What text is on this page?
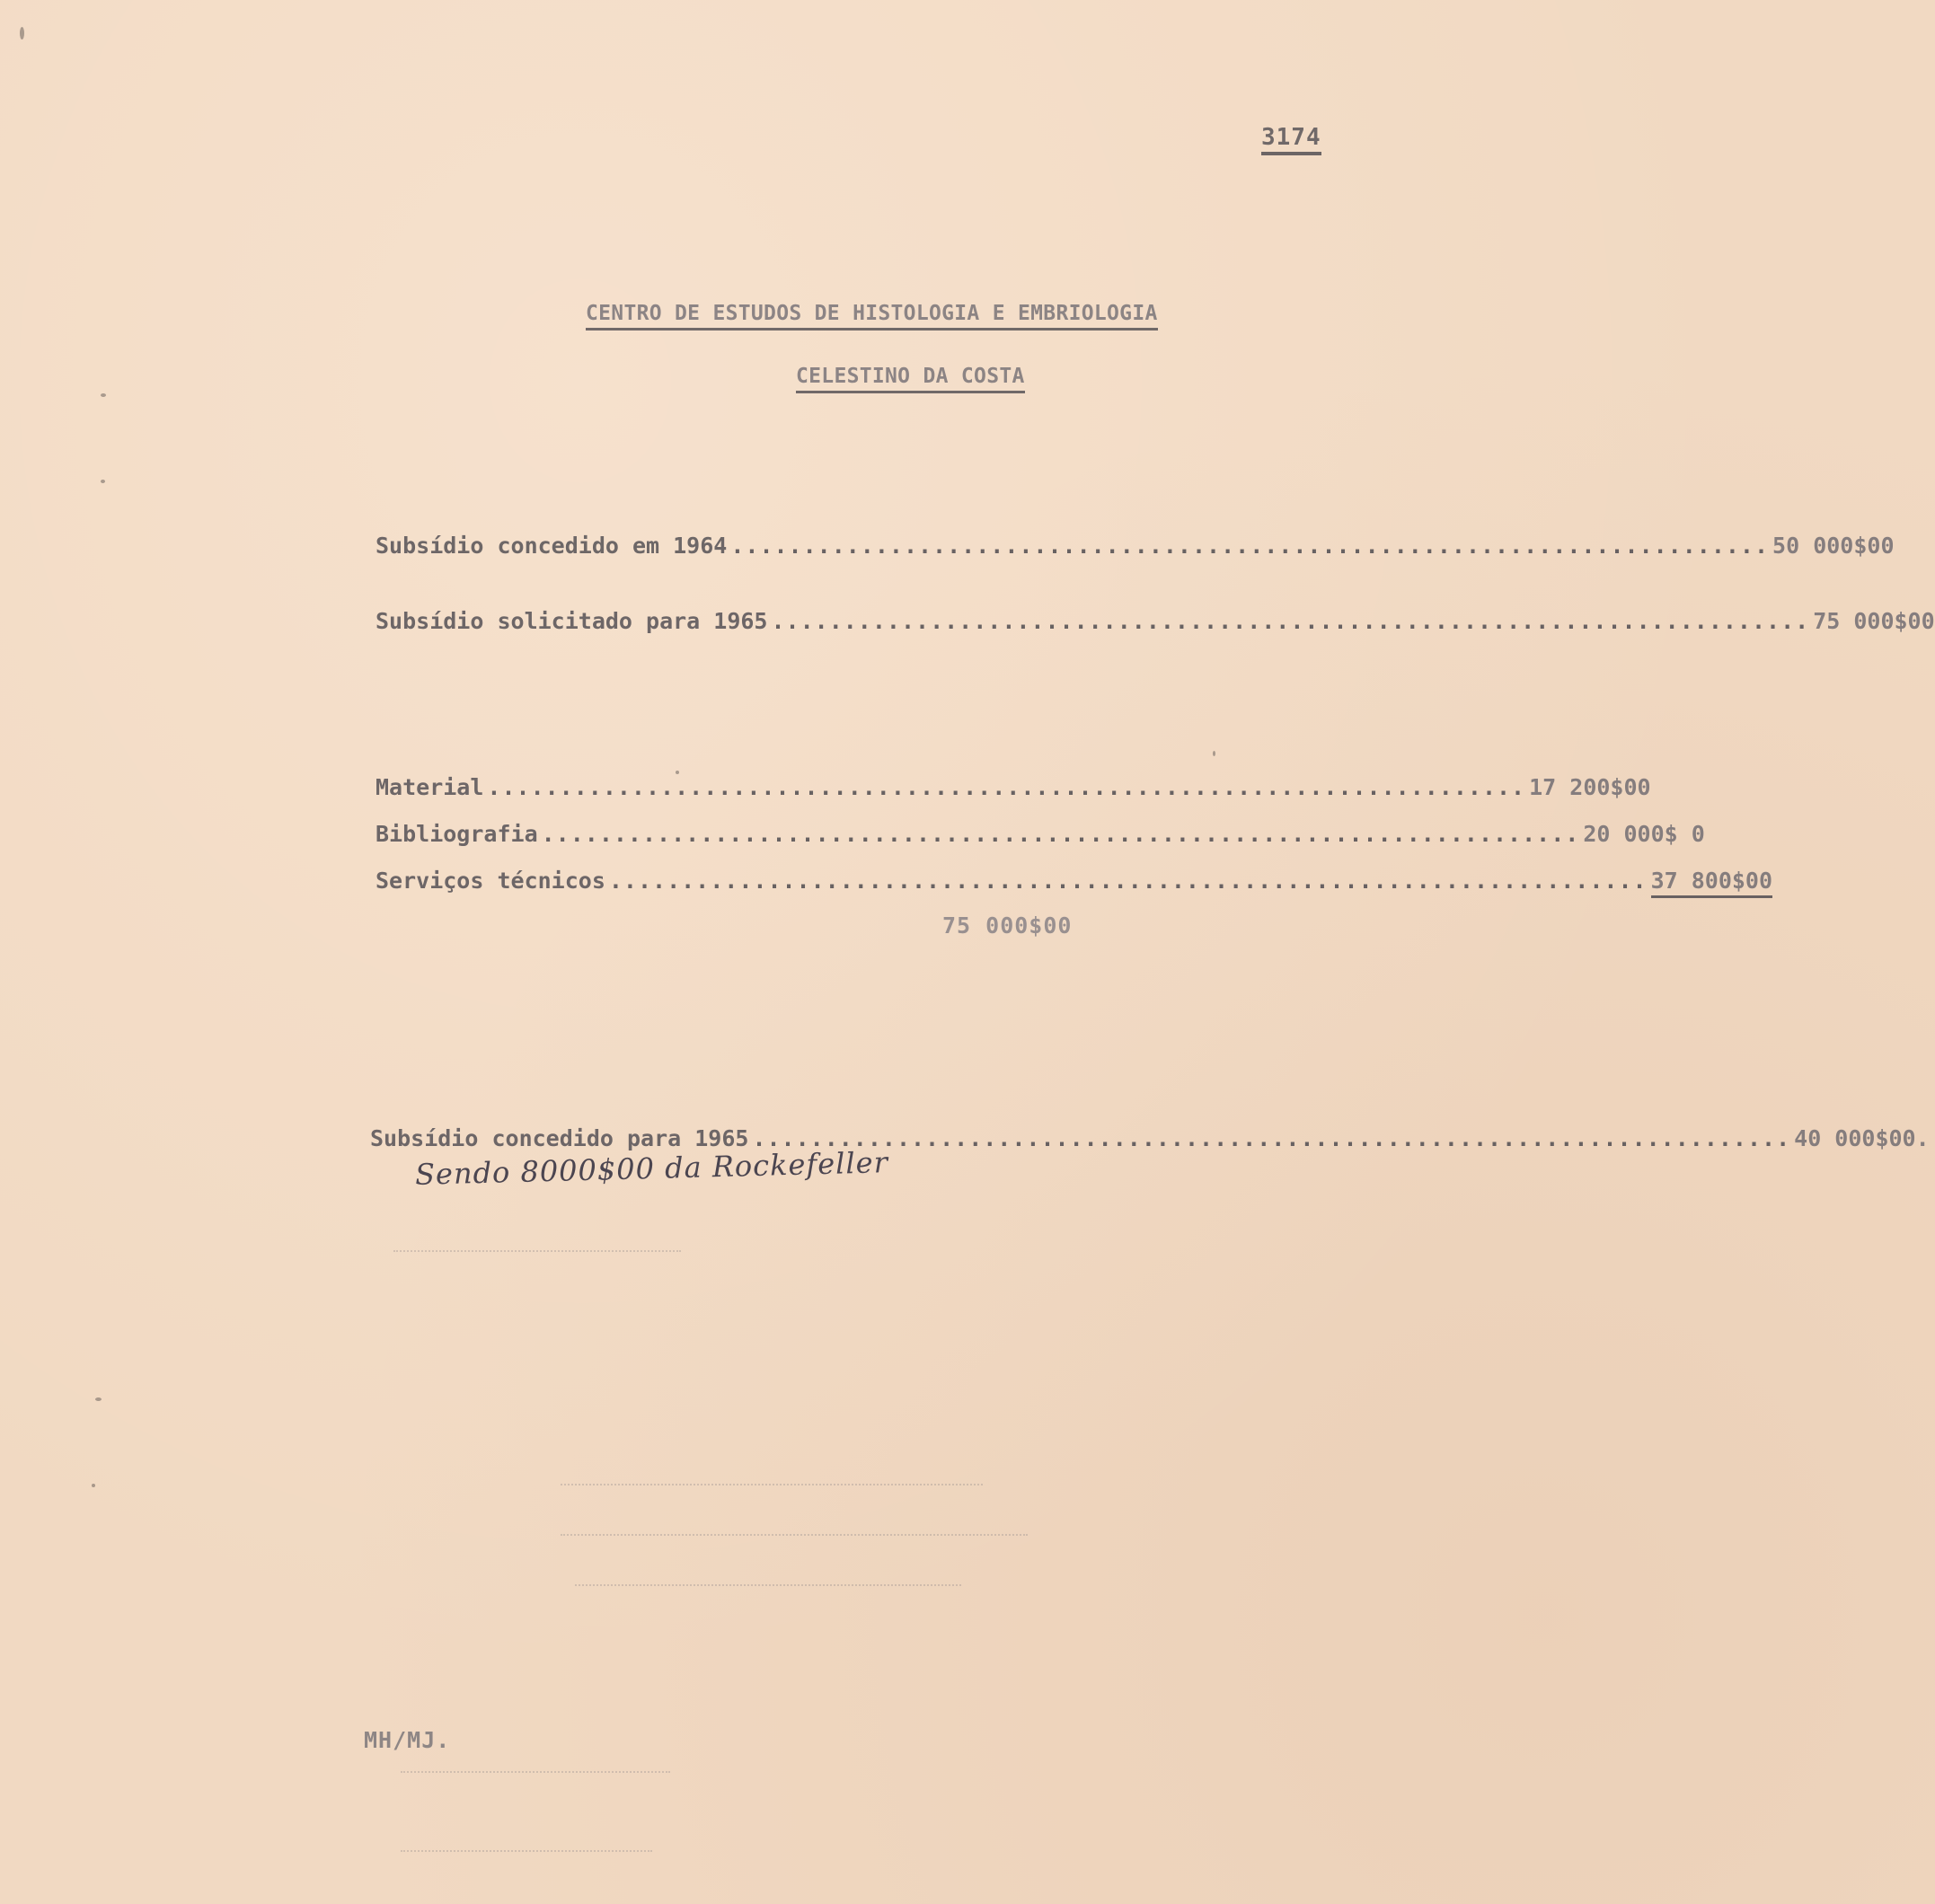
3174
CENTRO DE ESTUDOS DE HISTOLOGIA E EMBRIOLOGIA
CELESTINO DA COSTA
Subsídio concedido em 1964 ........................................................................ 50 000$00
Subsídio solicitado para 1965 ........................................................................ 75 000$00
Material ........................................................................ 17 200$00
Bibliografia ........................................................................ 20 000$ 0
Serviços técnicos ........................................................................ 37 800$00
75 000$00
Subsídio concedido para 1965 ........................................................................ 40 000$00.
Sendo 8000$00 da Rockefeller
MH/MJ.
